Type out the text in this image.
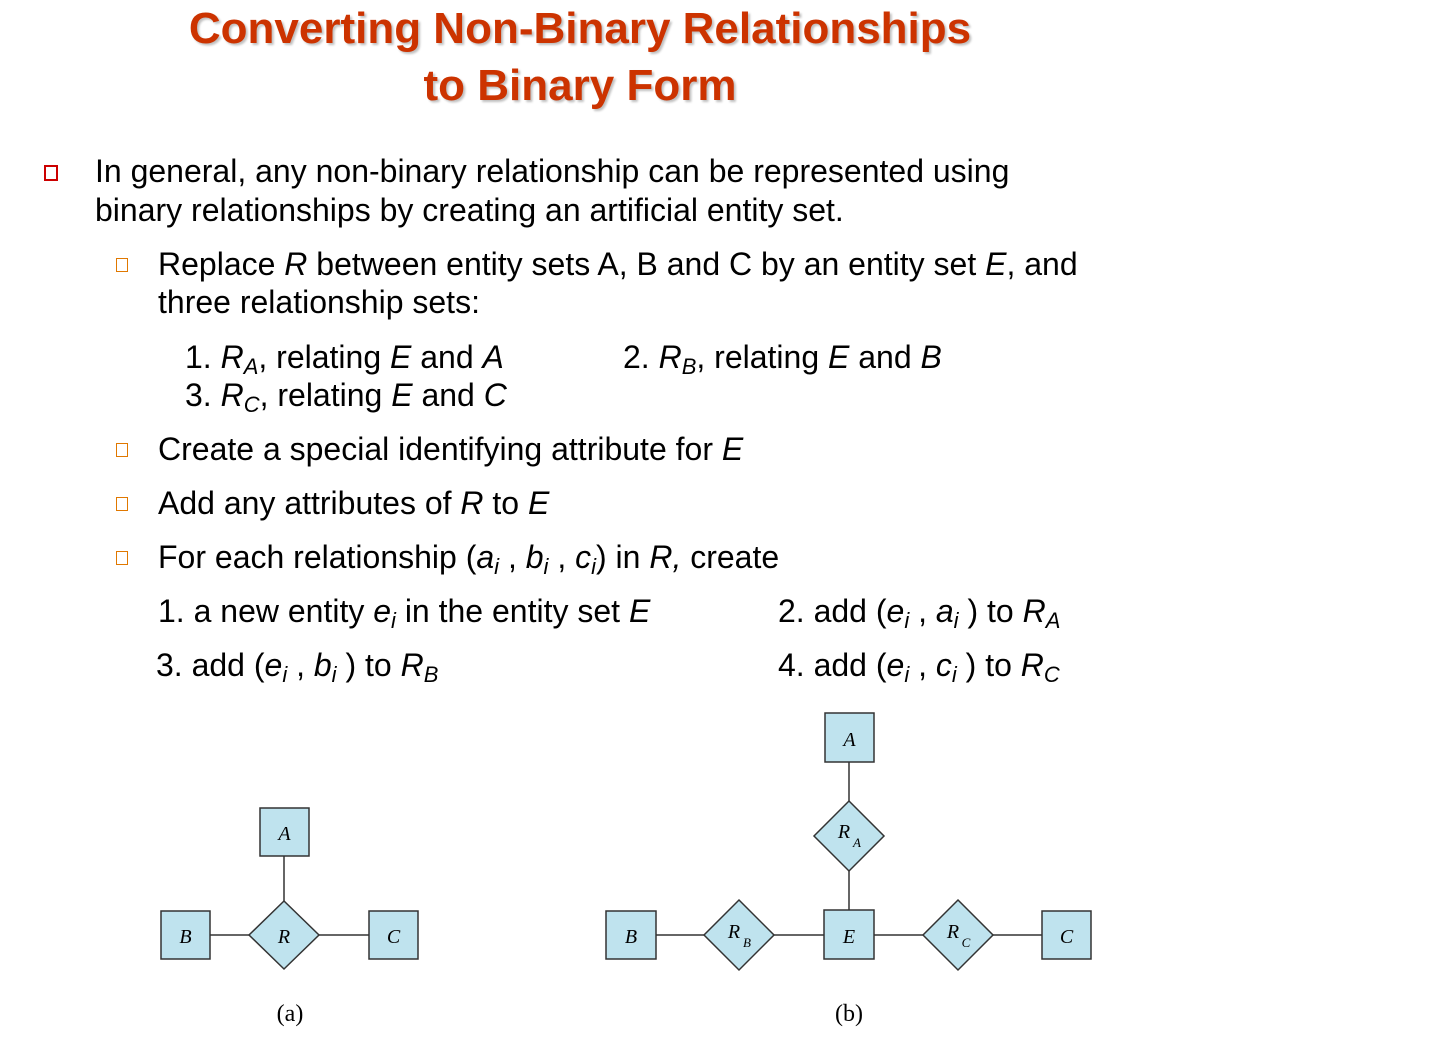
Converting Non-Binary Relationships
to Binary Form
In general, any non-binary relationship can be represented using
binary relationships by creating an artificial entity set.
Replace R between entity sets A, B and C by an entity set E, and
three relationship sets:
1. $R_A$, relating E and A	2. $R_B$, relating E and B
3. $R_C$, relating E and C
Create a special identifying attribute for E
Add any attributes of R to E
For each relationship ($a_i$ , $b_i$ , $c_i$) in R, create
1. a new entity $e_i$ in the entity set E	2. add ($e_i$ , $a_i$ ) to $R_A$
3. add ($e_i$ , $b_i$ ) to $R_B$	4. add ($e_i$ , $c_i$ ) to $R_C$
A
B	C
R
(a)
A
B	E	C
R A
R B	R C
(b)
